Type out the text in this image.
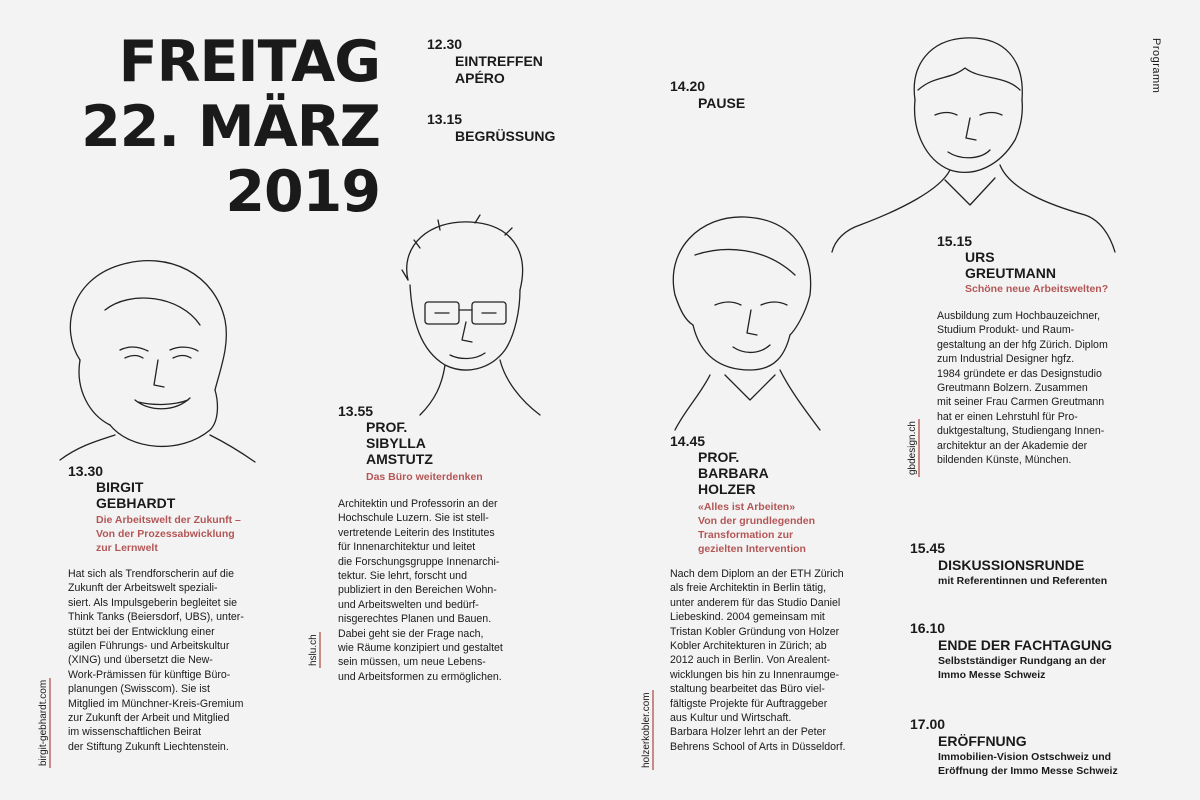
FREITAG
22. MÄRZ
2019
Programm
12.30
EINTREFFEN
APÉRO
13.15
BEGRÜSSUNG
14.20
PAUSE
13.30
BIRGIT
GEBHARDT
Die Arbeitswelt der Zukunft –
Von der Prozessabwicklung
zur Lernwelt
Hat sich als Trendforscherin auf die
Zukunft der Arbeitswelt speziali-
siert. Als Impulsgeberin begleitet sie
Think Tanks (Beiersdorf, UBS), unter-
stützt bei der Entwicklung einer
agilen Führungs- und Arbeitskultur
(XING) und übersetzt die New-
Work-Prämissen für künftige Büro-
planungen (Swisscom). Sie ist
Mitglied im Münchner-Kreis-Gremium
zur Zukunft der Arbeit und Mitglied
im wissenschaftlichen Beirat
der Stiftung Zukunft Liechtenstein.
birgit-gebhardt.com
13.55
PROF.
SIBYLLA
AMSTUTZ
Das Büro weiterdenken
Architektin und Professorin an der
Hochschule Luzern. Sie ist stell-
vertretende Leiterin des Institutes
für Innenarchitektur und leitet
die Forschungsgruppe Innenarchi-
tektur. Sie lehrt, forscht und
publiziert in den Bereichen Wohn-
und Arbeitswelten und bedürf-
nisgerechtes Planen und Bauen.
Dabei geht sie der Frage nach,
wie Räume konzipiert und gestaltet
sein müssen, um neue Lebens-
und Arbeitsformen zu ermöglichen.
hslu.ch
14.45
PROF.
BARBARA
HOLZER
«Alles ist Arbeiten»
Von der grundlegenden
Transformation zur
gezielten Intervention
Nach dem Diplom an der ETH Zürich
als freie Architektin in Berlin tätig,
unter anderem für das Studio Daniel
Liebeskind. 2004 gemeinsam mit
Tristan Kobler Gründung von Holzer
Kobler Architekturen in Zürich; ab
2012 auch in Berlin. Von Arealent-
wicklungen bis hin zu Innenraumge-
staltung bearbeitet das Büro viel-
fältigste Projekte für Auftraggeber
aus Kultur und Wirtschaft.
Barbara Holzer lehrt an der Peter
Behrens School of Arts in Düsseldorf.
holzerkobler.com
15.15
URS
GREUTMANN
Schöne neue Arbeitswelten?
Ausbildung zum Hochbauzeichner,
Studium Produkt- und Raum-
gestaltung an der hfg Zürich. Diplom
zum Industrial Designer hgfz.
1984 gründete er das Designstudio
Greutmann Bolzern. Zusammen
mit seiner Frau Carmen Greutmann
hat er einen Lehrstuhl für Pro-
duktgestaltung, Studiengang Innen-
architektur an der Akademie der
bildenden Künste, München.
gbdesign.ch
15.45
DISKUSSIONSRUNDE
mit Referentinnen und Referenten
16.10
ENDE DER FACHTAGUNG
Selbstständiger Rundgang an der
Immo Messe Schweiz
17.00
ERÖFFNUNG
Immobilien-Vision Ostschweiz und
Eröffnung der Immo Messe Schweiz
